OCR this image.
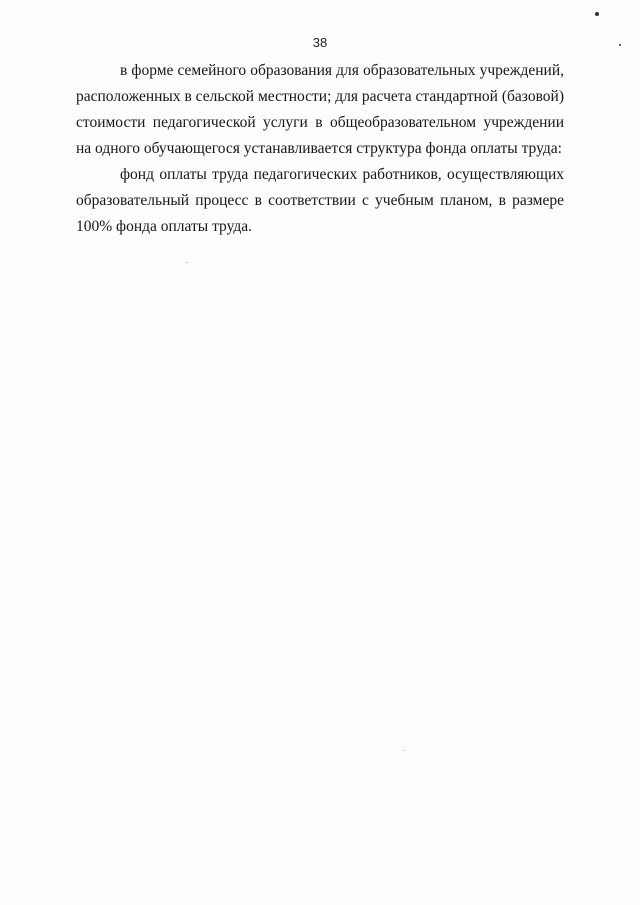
38

в форме семейного образования для образовательных учреждений, расположенных в сельской местности; для расчета стандартной (базовой) стоимости педагогической услуги в общеобразовательном учреждении на одного обучающегося устанавливается структура фонда оплаты труда:

фонд оплаты труда педагогических работников, осуществляющих образовательный процесс в соответствии с учебным планом, в размере 100% фонда оплаты труда.
